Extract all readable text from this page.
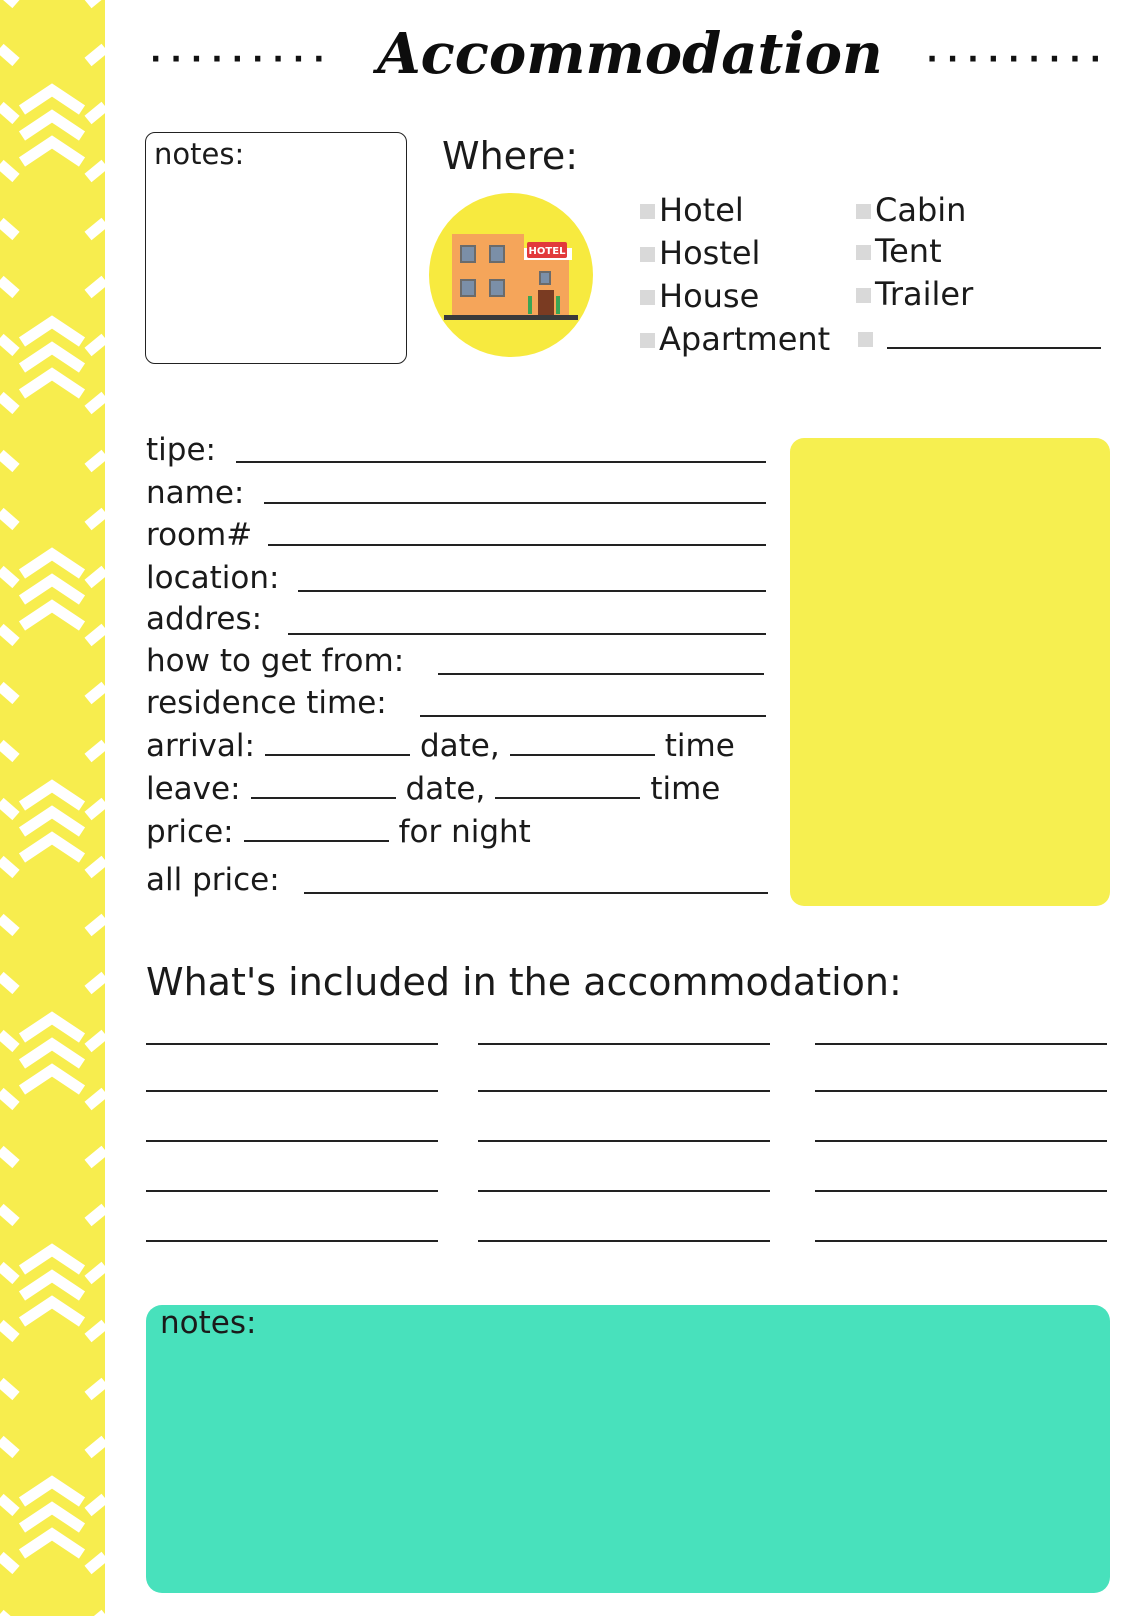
········· Accommodation	·········
notes:	Where:
HOTEL
Hotel
Hostel
House
Apartment
Cabin
Tent
Trailer
tipe:
name:
room#
location:
addres:
how to get from:
residence time:
arrival:	date,	time
leave:	date,	time
price:	for night
all price:
What's included in the accommodation:
notes:
